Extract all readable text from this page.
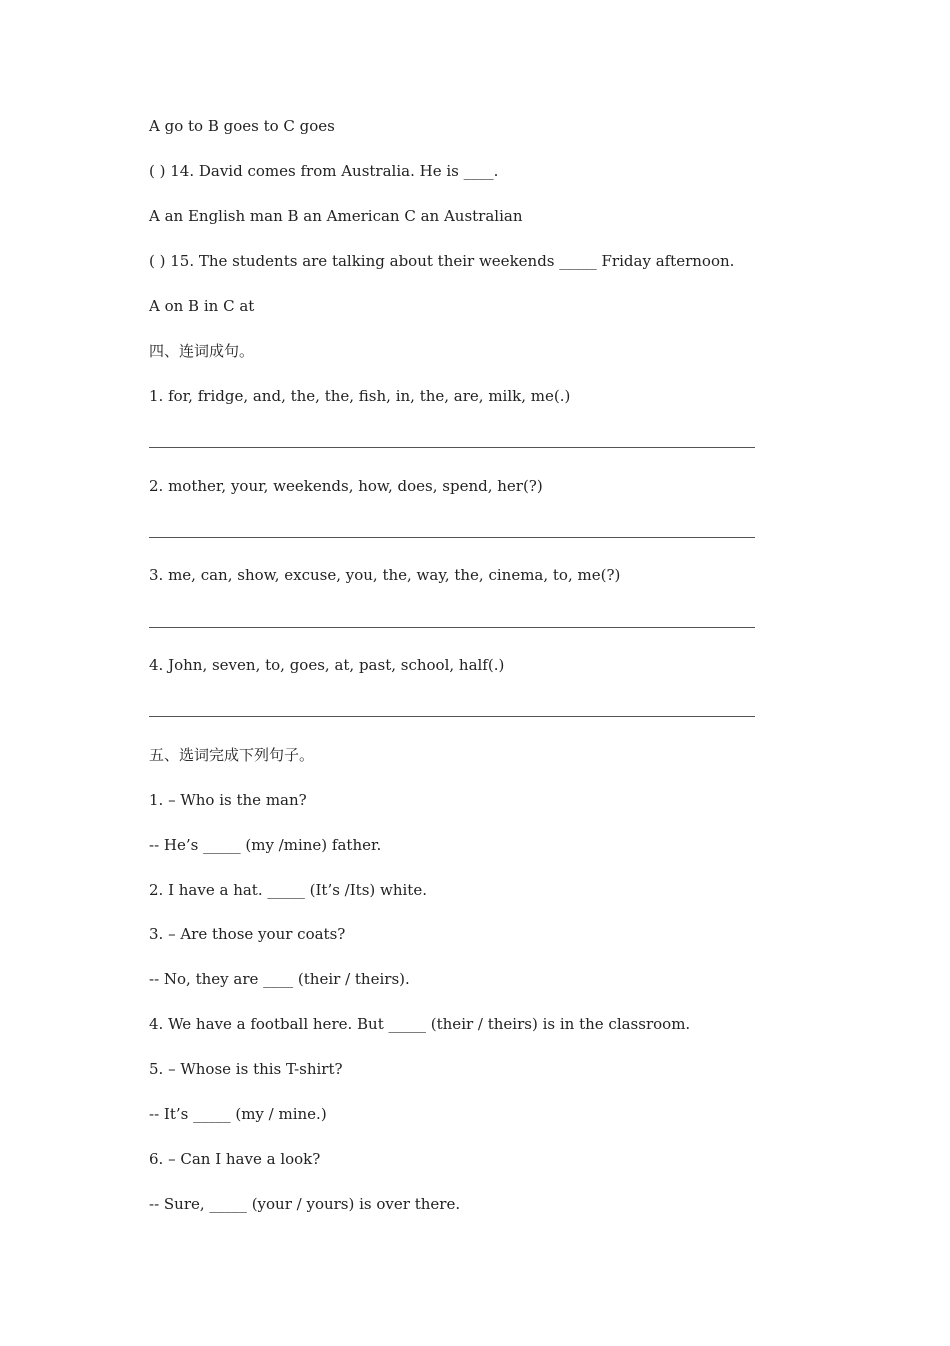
A go to B goes to C goes
( ) 14. David comes from Australia. He is ____.
A an English man B an American C an Australian
( ) 15. The students are talking about their weekends _____ Friday afternoon.
A on B in C at
四、连词成句。
1. for, fridge, and, the, the, fish, in, the, are, milk, me(.)
2. mother, your, weekends, how, does, spend, her(?)
3. me, can, show, excuse, you, the, way, the, cinema, to, me(?)
4. John, seven, to, goes, at, past, school, half(.)
五、选词完成下列句子。
1. – Who is the man?
-- He’s _____ (my /mine) father.
2. I have a hat. _____ (It’s /Its) white.
3. – Are those your coats?
-- No, they are ____ (their / theirs).
4. We have a football here. But _____ (their / theirs) is in the classroom.
5. – Whose is this T-shirt?
-- It’s _____ (my / mine.)
6. – Can I have a look?
-- Sure, _____ (your / yours) is over there.
